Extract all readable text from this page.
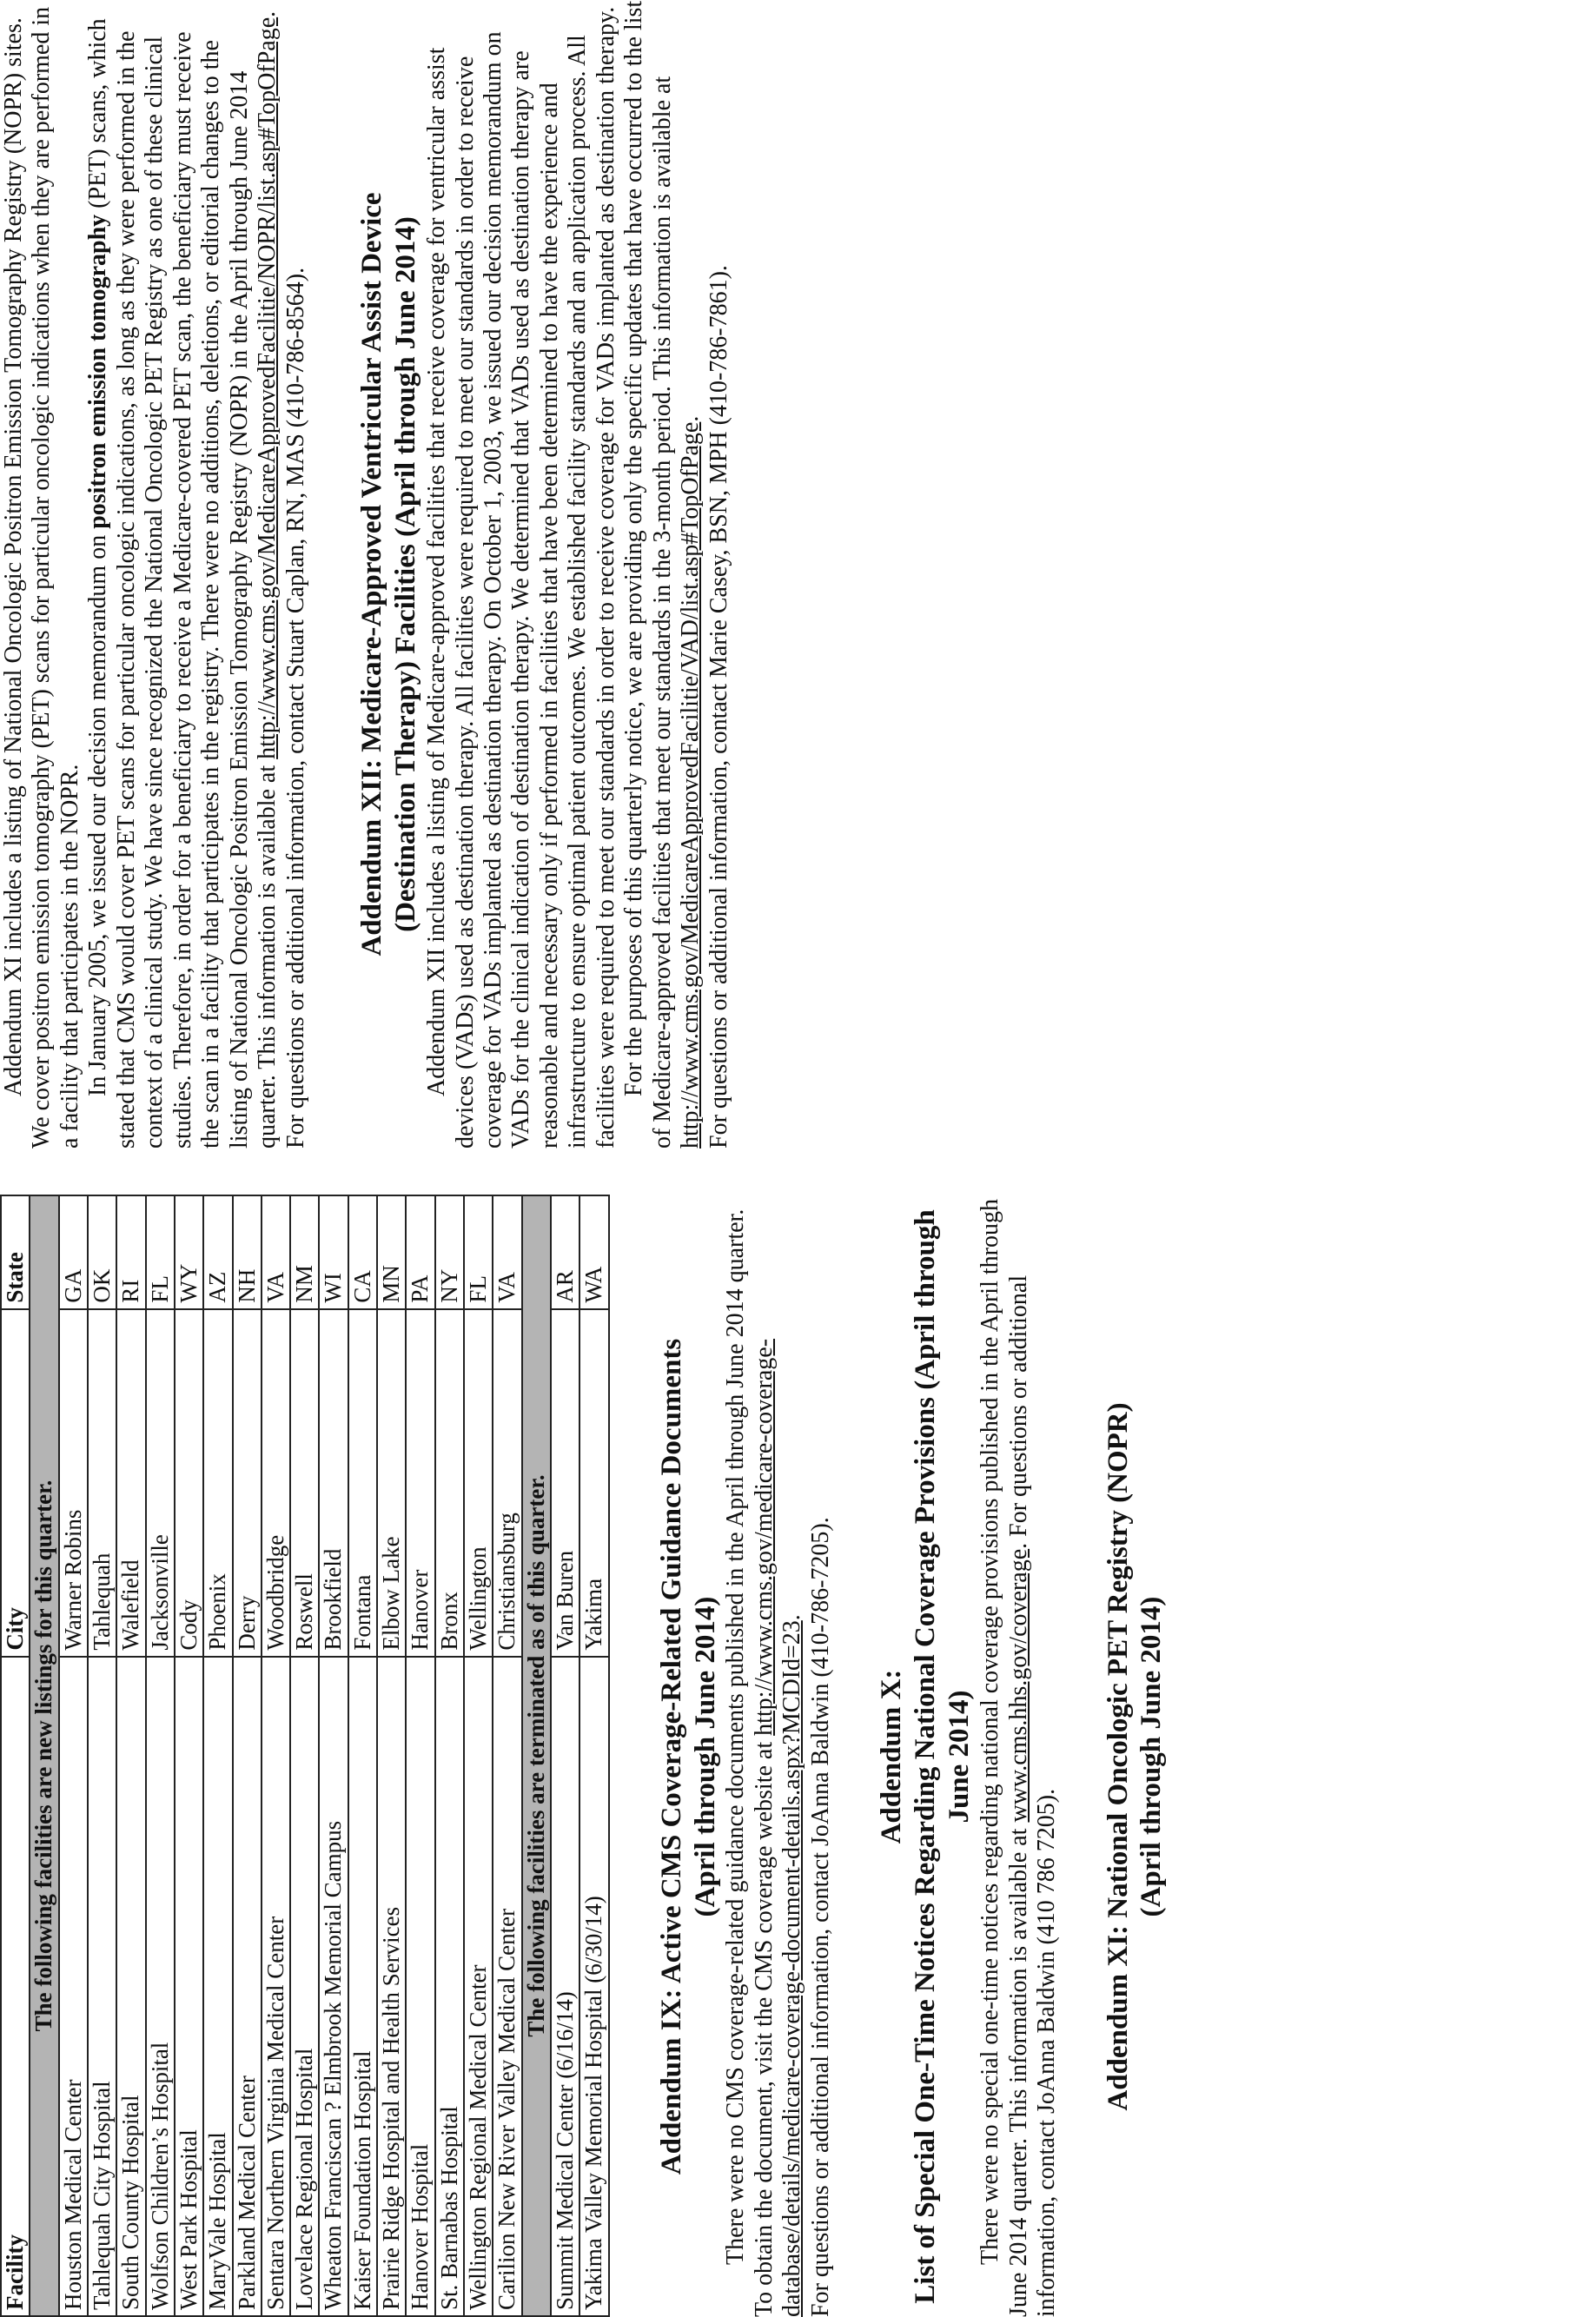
Facility	City	State
The following facilities are new listings for this quarter.		
Houston Medical Center	Warner Robins	GA
Tahlequah City Hospital	Tahlequah	OK
South County Hospital	Walefield	RI
Wolfson Children’s Hospital	Jacksonville	FL
West Park Hospital	Cody	WY
MaryVale Hospital	Phoenix	AZ
Parkland Medical Center	Derry	NH
Sentara Northern Virginia Medical Center	Woodbridge	VA
Lovelace Regional Hospital	Roswell	NM
Wheaton Franciscan ? Elmbrook Memorial Campus	Brookfield	WI
Kaiser Foundation Hospital	Fontana	CA
Prairie Ridge Hospital and Health Services	Elbow Lake	MN
Hanover Hospital	Hanover	PA
St. Barnabas Hospital	Bronx	NY
Wellington Regional Medical Center	Wellington	FL
Carilion New River Valley Medical Center	Christiansburg	VA
The following facilities are terminated as of this quarter.		
Summit Medical Center (6/16/14)	Van Buren	AR
Yakima Valley Memorial Hospital (6/30/14)	Yakima	WA

Addendum IX: Active CMS Coverage-Related Guidance Documents (April through June 2014) There were no CMS coverage-related guidance documents published in the April through June 2014 quarter. To obtain the document, visit the CMS coverage website at http://www.cms.gov/medicare-coverage-database/details/medicare-coverage-document-details.aspx?MCDId=23. For questions or additional information, contact JoAnna Baldwin (410-786-7205). Addendum X: List of Special One-Time Notices Regarding National Coverage Provisions (April through June 2014) There were no special one-time notices regarding national coverage provisions published in the April through June 2014 quarter. This information is available at www.cms.hhs.gov/coverage. For questions or additional information, contact JoAnna Baldwin (410 786 7205). Addendum XI: National Oncologic PET Registry (NOPR) (April through June 2014)

Addendum XI includes a listing of National Oncologic Positron Emission Tomography Registry (NOPR) sites. We cover positron emission tomography (PET) scans for particular oncologic indications when they are performed in a facility that participates in the NOPR. In January 2005, we issued our decision memorandum on positron emission tomography (PET) scans, which stated that CMS would cover PET scans for particular oncologic indications, as long as they were performed in the context of a clinical study. We have since recognized the National Oncologic PET Registry as one of these clinical studies. Therefore, in order for a beneficiary to receive a Medicare-covered PET scan, the beneficiary must receive the scan in a facility that participates in the registry. There were no additions, deletions, or editorial changes to the listing of National Oncologic Positron Emission Tomography Registry (NOPR) in the April through June 2014 quarter. This information is available at http://www.cms.gov/MedicareApprovedFacilitie/NOPR/list.asp#TopOfPage.

For questions or additional information, contact Stuart Caplan, RN, MAS (410-786-8564). Addendum XII: Medicare-Approved Ventricular Assist Device (Destination Therapy) Facilities (April through June 2014) Addendum XII includes a listing of Medicare-approved facilities that receive coverage for ventricular assist devices (VADs) used as destination therapy. All facilities were required to meet our standards in order to receive coverage for VADs implanted as destination therapy. On October 1, 2003, we issued our decision memorandum on VADs for the clinical indication of destination therapy. We determined that VADs used as destination therapy are reasonable and necessary only if performed in facilities that have been determined to have the experience and infrastructure to ensure optimal patient outcomes. We established facility standards and an application process. All facilities were required to meet our standards in order to receive coverage for VADs implanted as destination therapy. For the purposes of this quarterly notice, we are providing only the specific updates that have occurred to the list of Medicare-approved facilities that meet our standards in the 3-month period. This information is available at http://www.cms.gov/MedicareApprovedFacilitie/VAD/list.asp#TopOfPage. For questions or additional information, contact Marie Casey, BSN, MPH (410-786-7861).
